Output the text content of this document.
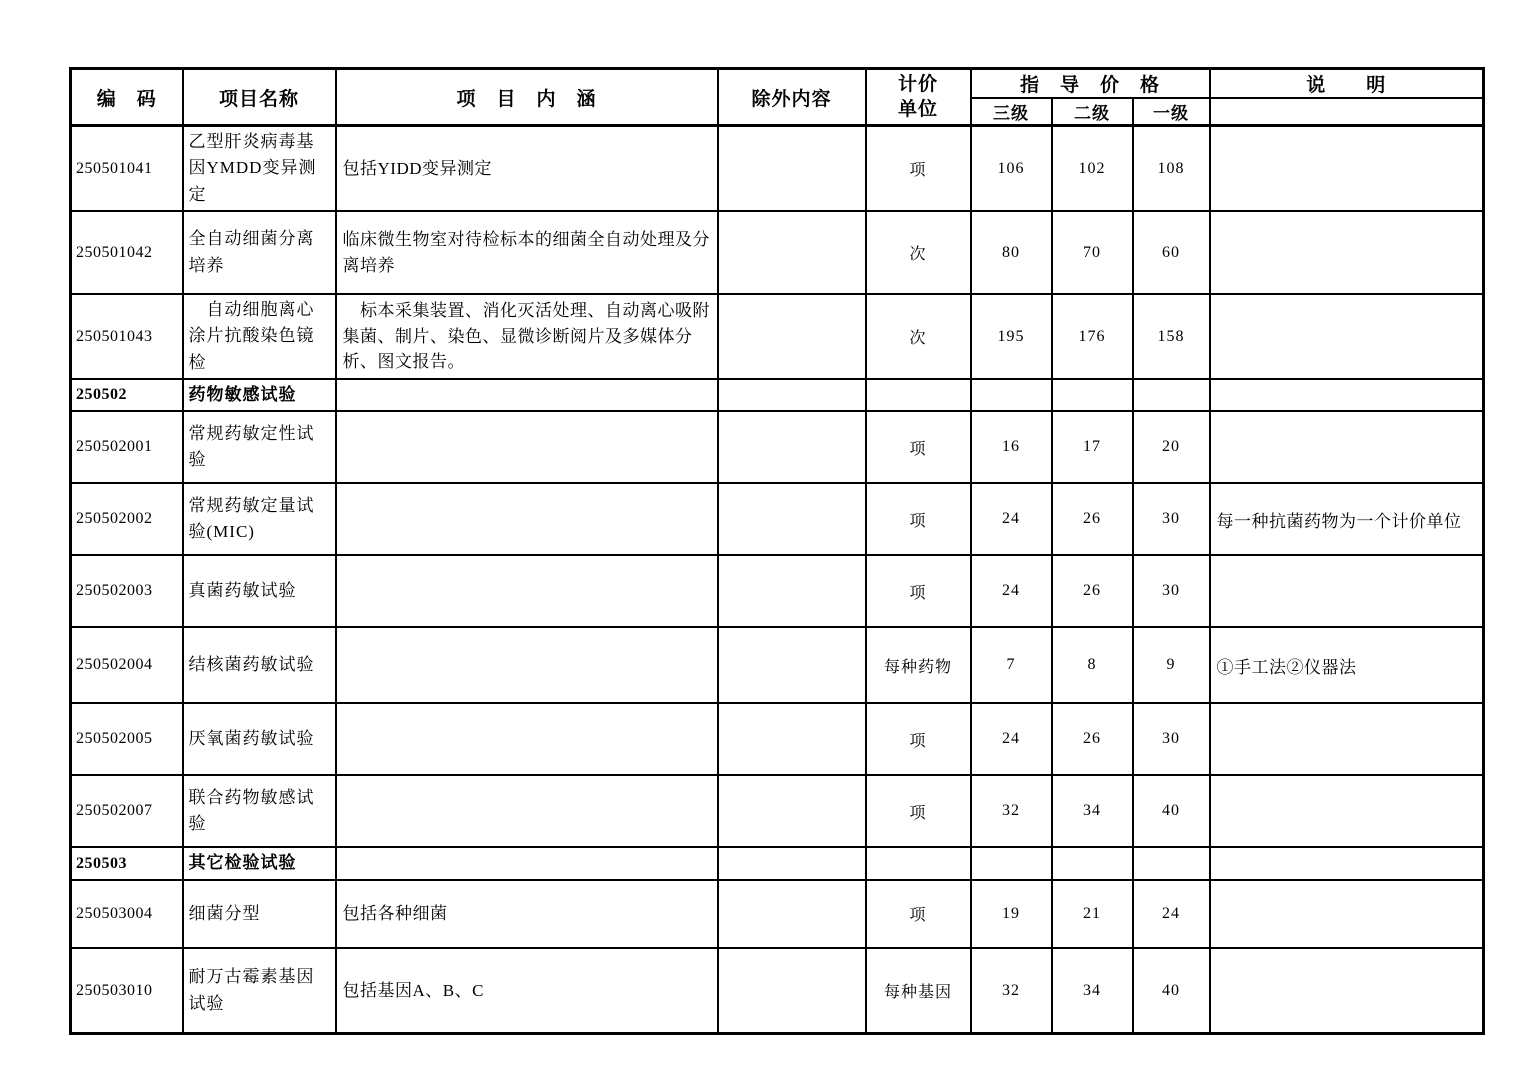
编　码	项目名称	项　目　内　涵	除外内容	计价
单位	指　导　价　格			说　　明
					三级	二级	一级	
250501041	乙型肝炎病毒基因YMDD变异测定	包括YIDD变异测定		项	106	102	108	
250501042	全自动细菌分离培养	临床微生物室对待检标本的细菌全自动处理及分离培养		次	80	70	60	
250501043	　自动细胞离心涂片抗酸染色镜检	　标本采集装置、消化灭活处理、自动离心吸附集菌、制片、染色、显微诊断阅片及多媒体分析、图文报告。		次	195	176	158	
250502	药物敏感试验							
250502001	常规药敏定性试验			项	16	17	20	
250502002	常规药敏定量试验(MIC)			项	24	26	30	每一种抗菌药物为一个计价单位
250502003	真菌药敏试验			项	24	26	30	
250502004	结核菌药敏试验			每种药物	7	8	9	①手工法②仪器法
250502005	厌氧菌药敏试验			项	24	26	30	
250502007	联合药物敏感试验			项	32	34	40	
250503	其它检验试验							
250503004	细菌分型	包括各种细菌		项	19	21	24	
250503010	耐万古霉素基因试验	包括基因A、B、C		每种基因	32	34	40	
